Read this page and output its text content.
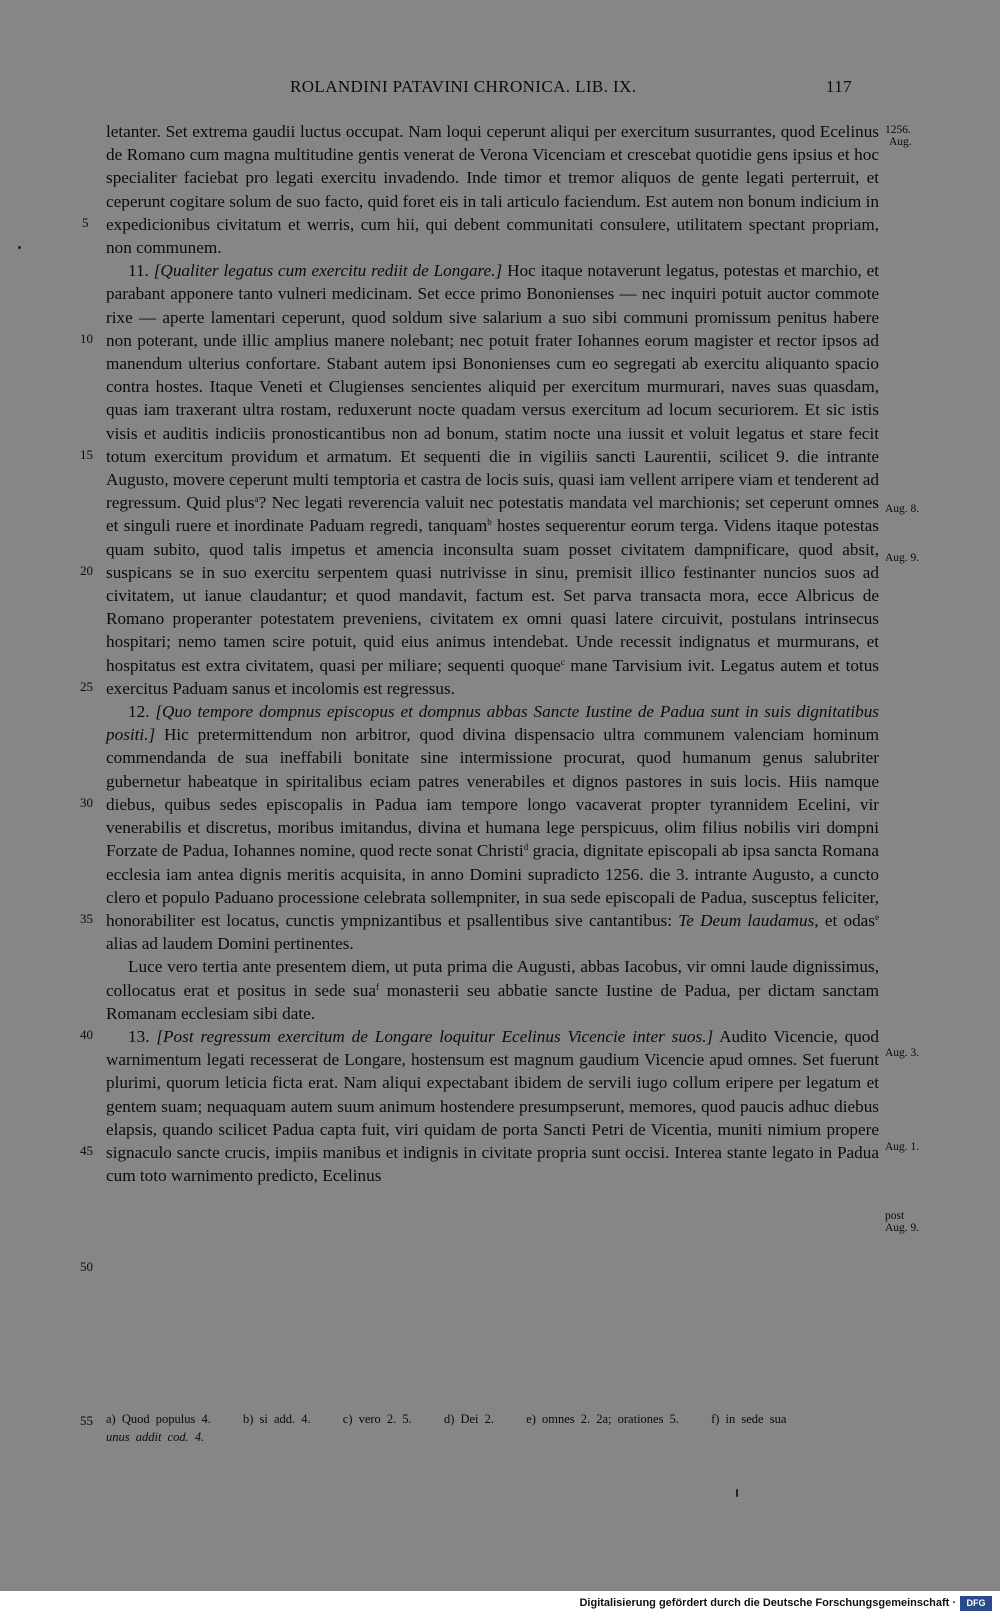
ROLANDINI PATAVINI CHRONICA. LIB. IX.	117

letanter. Set extrema gaudii luctus occupat. Nam loqui ceperunt aliqui per exercitum susurrantes, quod Ecelinus de Romano cum magna multitudine gentis venerat de Verona Vicenciam et crescebat quotidie gens ipsius et hoc specialiter faciebat pro legati exercitu invadendo. Inde timor et tremor aliquos de gente legati perterruit, et ceperunt cogitare solum de suo facto, quid foret eis in tali articulo faciendum. Est autem non bonum indicium in expedicionibus civitatum et werris, cum hii, qui debent communitati consulere, utilitatem spectant propriam, non communem.

11. [Qualiter legatus cum exercitu rediit de Longare.] Hoc itaque notaverunt legatus, potestas et marchio, et parabant apponere tanto vulneri medicinam. Set ecce primo Bononienses — nec inquiri potuit auctor commote rixe — aperte lamentari ceperunt, quod soldum sive salarium a suo sibi communi promissum penitus habere non poterant, unde illic amplius manere nolebant; nec potuit frater Iohannes eorum magister et rector ipsos ad manendum ulterius confortare. Stabant autem ipsi Bononienses cum eo segregati ab exercitu aliquanto spacio contra hostes. Itaque Veneti et Clugienses sencientes aliquid per exercitum murmurari, naves suas quasdam, quas iam traxerant ultra rostam, reduxerunt nocte quadam versus exercitum ad locum securiorem. Et sic istis visis et auditis indiciis pronosticantibus non ad bonum, statim nocte una iussit et voluit legatus et stare fecit totum exercitum providum et armatum. Et sequenti die in vigiliis sancti Laurentii, scilicet 9. die intrante Augusto, movere ceperunt multi temptoria et castra de locis suis, quasi iam vellent arripere viam et tenderent ad regressum. Quid plus$^a$? Nec legati reverencia valuit nec potestatis mandata vel marchionis; set ceperunt omnes et singuli ruere et inordinate Paduam regredi, tanquam$^b$ hostes sequerentur eorum terga. Videns itaque potestas quam subito, quod talis impetus et amencia inconsulta suam posset civitatem dampnificare, quod absit, suspicans se in suo exercitu serpentem quasi nutrivisse in sinu, premisit illico festinanter nuncios suos ad civitatem, ut ianue claudantur; et quod mandavit, factum est. Set parva transacta mora, ecce Albricus de Romano properanter potestatem preveniens, civitatem ex omni quasi latere circuivit, postulans intrinsecus hospitari; nemo tamen scire potuit, quid eius animus intendebat. Unde recessit indignatus et murmurans, et hospitatus est extra civitatem, quasi per miliare; sequenti quoque$^c$ mane Tarvisium ivit. Legatus autem et totus exercitus Paduam sanus et incolomis est regressus.

12. [Quo tempore dompnus episcopus et dompnus abbas Sancte Iustine de Padua sunt in suis dignitatibus positi.] Hic pretermittendum non arbitror, quod divina dispensacio ultra communem valenciam hominum commendanda de sua ineffabili bonitate sine intermissione procurat, quod humanum genus salubriter gubernetur habeatque in spiritalibus eciam patres venerabiles et dignos pastores in suis locis. Hiis namque diebus, quibus sedes episcopalis in Padua iam tempore longo vacaverat propter tyrannidem Ecelini, vir venerabilis et discretus, moribus imitandus, divina et humana lege perspicuus, olim filius nobilis viri dompni Forzate de Padua, Iohannes nomine, quod recte sonat Christi$^d$ gracia, dignitate episcopali ab ipsa sancta Romana ecclesia iam antea dignis meritis acquisita, in anno Domini supradicto 1256. die 3. intrante Augusto, a cuncto clero et populo Paduano processione celebrata sollempniter, in sua sede episcopali de Padua, susceptus feliciter, honorabiliter est locatus, cunctis ympnizantibus et psallentibus sive cantantibus: Te Deum laudamus, et odas$^e$ alias ad laudem Domini pertinentes.

Luce vero tertia ante presentem diem, ut puta prima die Augusti, abbas Iacobus, vir omni laude dignissimus, collocatus erat et positus in sede sua$^f$ monasterii seu abbatie sancte Iustine de Padua, per dictam sanctam Romanam ecclesiam sibi date.

13. [Post regressum exercitum de Longare loquitur Ecelinus Vicencie inter suos.] Audito Vicencie, quod warnimentum legati recesserat de Longare, hostensum est magnum gaudium Vicencie apud omnes. Set fuerunt plurimi, quorum leticia ficta erat. Nam aliqui expectabant ibidem de servili iugo collum eripere per legatum et gentem suam; nequaquam autem suum animum hostendere presumpserunt, memores, quod paucis adhuc diebus elapsis, quando scilicet Padua capta fuit, viri quidam de porta Sancti Petri de Vicentia, muniti nimium propere signaculo sancte crucis, impiis manibus et indignis in civitate propria sunt occisi. Interea stante legato in Padua cum toto warnimento predicto, Ecelinus

5
10
15
20
25
30
35
40
45
50
55
1256.
Aug.
Aug. 8.
Aug. 9.
Aug. 3.
Aug. 1.
post
Aug. 9.
a) Quod populus 4.	b) si add. 4.	c) vero 2. 5.	d) Dei 2.	e) omnes 2. 2a; orationes 5.	f) in sede sua
unus addit cod. 4.
Digitalisierung gefördert durch die Deutsche Forschungsgemeinschaft ·	DFG
